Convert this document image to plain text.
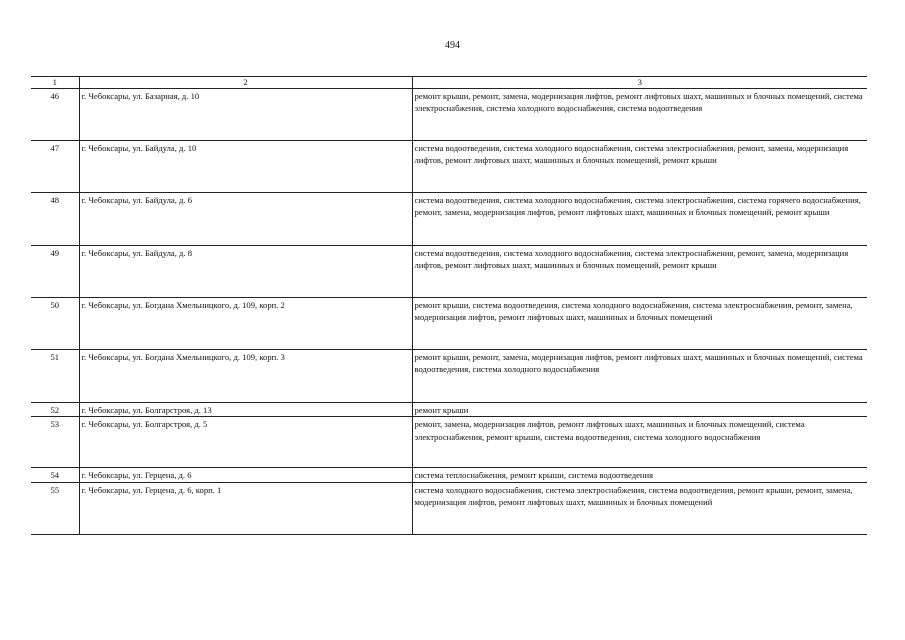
494
1	2	3
46	г. Чебоксары, ул. Базарная, д. 10	ремонт крыши, ремонт, замена, модернизация лифтов, ремонт лифтовых шахт, машинных и блочных помещений, система электроснабжения, система холодного водоснабжения, система водоотведения
47	г. Чебоксары, ул. Байдула, д. 10	система водоотведения, система холодного водоснабжения, система электроснабжения, ремонт, замена, модернизация лифтов, ремонт лифтовых шахт, машинных и блочных помещений, ремонт крыши
48	г. Чебоксары, ул. Байдула, д. 6	система водоотведения, система холодного водоснабжения, система электроснабжения, система горячего водоснабжения, ремонт, замена, модернизация лифтов, ремонт лифтовых шахт, машинных и блочных помещений, ремонт крыши
49	г. Чебоксары, ул. Байдула, д. 8	система водоотведения, система холодного водоснабжения, система электроснабжения, ремонт, замена, модернизация лифтов, ремонт лифтовых шахт, машинных и блочных помещений, ремонт крыши
50	г. Чебоксары, ул. Богдана Хмельницкого, д. 109, корп. 2	ремонт крыши, система водоотведения, система холодного водоснабжения, система электроснабжения, ремонт, замена, модернизация лифтов, ремонт лифтовых шахт, машинных и блочных помещений
51	г. Чебоксары, ул. Богдана Хмельницкого, д. 109, корп. 3	ремонт крыши, ремонт, замена, модернизация лифтов, ремонт лифтовых шахт, машинных и блочных помещений, система водоотведения, система холодного водоснабжения
52	г. Чебоксары, ул. Болгарстроя, д. 13	ремонт крыши
53	г. Чебоксары, ул. Болгарстроя, д. 5	ремонт, замена, модернизация лифтов, ремонт лифтовых шахт, машинных и блочных помещений, система электроснабжения, ремонт крыши, система водоотведения, система холодного водоснабжения
54	г. Чебоксары, ул. Герцена, д. 6	система теплоснабжения, ремонт крыши, система водоотведения
55	г. Чебоксары, ул. Герцена, д. 6, корп. 1	система холодного водоснабжения, система электроснабжения, система водоотведения, ремонт крыши, ремонт, замена, модернизация лифтов, ремонт лифтовых шахт, машинных и блочных помещений
